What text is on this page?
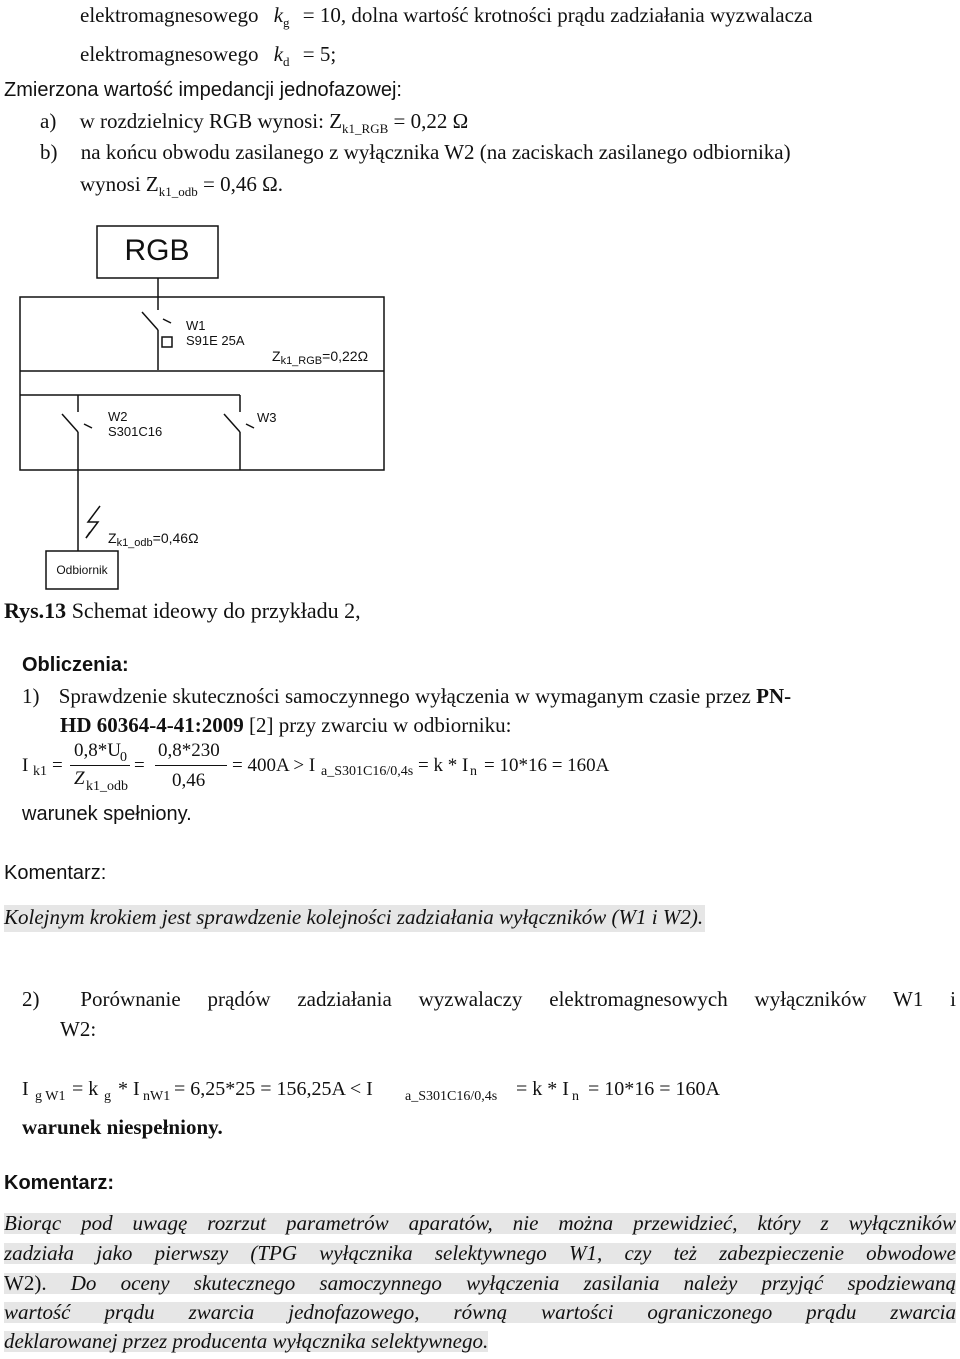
elektromagnesowego $k_g = 10$, dolna wartość krotności prądu zadziałania wyzwalacza
elektromagnesowego $k_d = 5$;
Zmierzona wartość impedancji jednofazowej:
a) w rozdzielnicy RGB wynosi: $Z_{k1\_RGB} = 0,22$ Ω
b) na końcu obwodu zasilanego z wyłącznika W2 (na zaciskach zasilanego odbiornika)
wynosi $Z_{k1\_odb} = 0,46$ Ω.
RGB
W1
S91E 25A
$Z_{k1\_RGB}=0,22\Omega$
W2
S301C16
W3
$Z_{k1\_odb}=0,46\Omega$
Odbiornik
Rys.13 Schemat ideowy do przykładu 2,
Obliczenia:
1) Sprawdzenie skuteczności samoczynnego wyłączenia w wymaganym czasie przez PN-
HD 60364-4-41:2009 [2] przy zwarciu w odbiorniku:
I k1 =
0,8*U 0
Z k1_odb
=
0,8*230
0,46
= 400A > I a_S301C16/0,4s = k * I n = 10*16 = 160A
warunek spełniony.
Komentarz:
Kolejnym krokiem jest sprawdzenie kolejności zadziałania wyłączników (W1 i W2).
2) Porównanie prądów zadziałania wyzwalaczy elektromagnesowych wyłączników W1 i
W2:
I g W1 = k g * I nW1 = 6,25*25 = 156,25A < I a_S301C16/0,4s = k * I n = 10*16 = 160A
warunek niespełniony.
Komentarz:
Biorąc pod uwagę rozrzut parametrów aparatów, nie można przewidzieć, który z wyłączników
zadziała jako pierwszy (TPG wyłącznika selektywnego W1, czy też zabezpieczenie obwodowe
W2). Do oceny skutecznego samoczynnego wyłączenia zasilania należy przyjąć spodziewaną
wartość prądu zwarcia jednofazowego, równą wartości ograniczonego prądu zwarcia
deklarowanej przez producenta wyłącznika selektywnego.
